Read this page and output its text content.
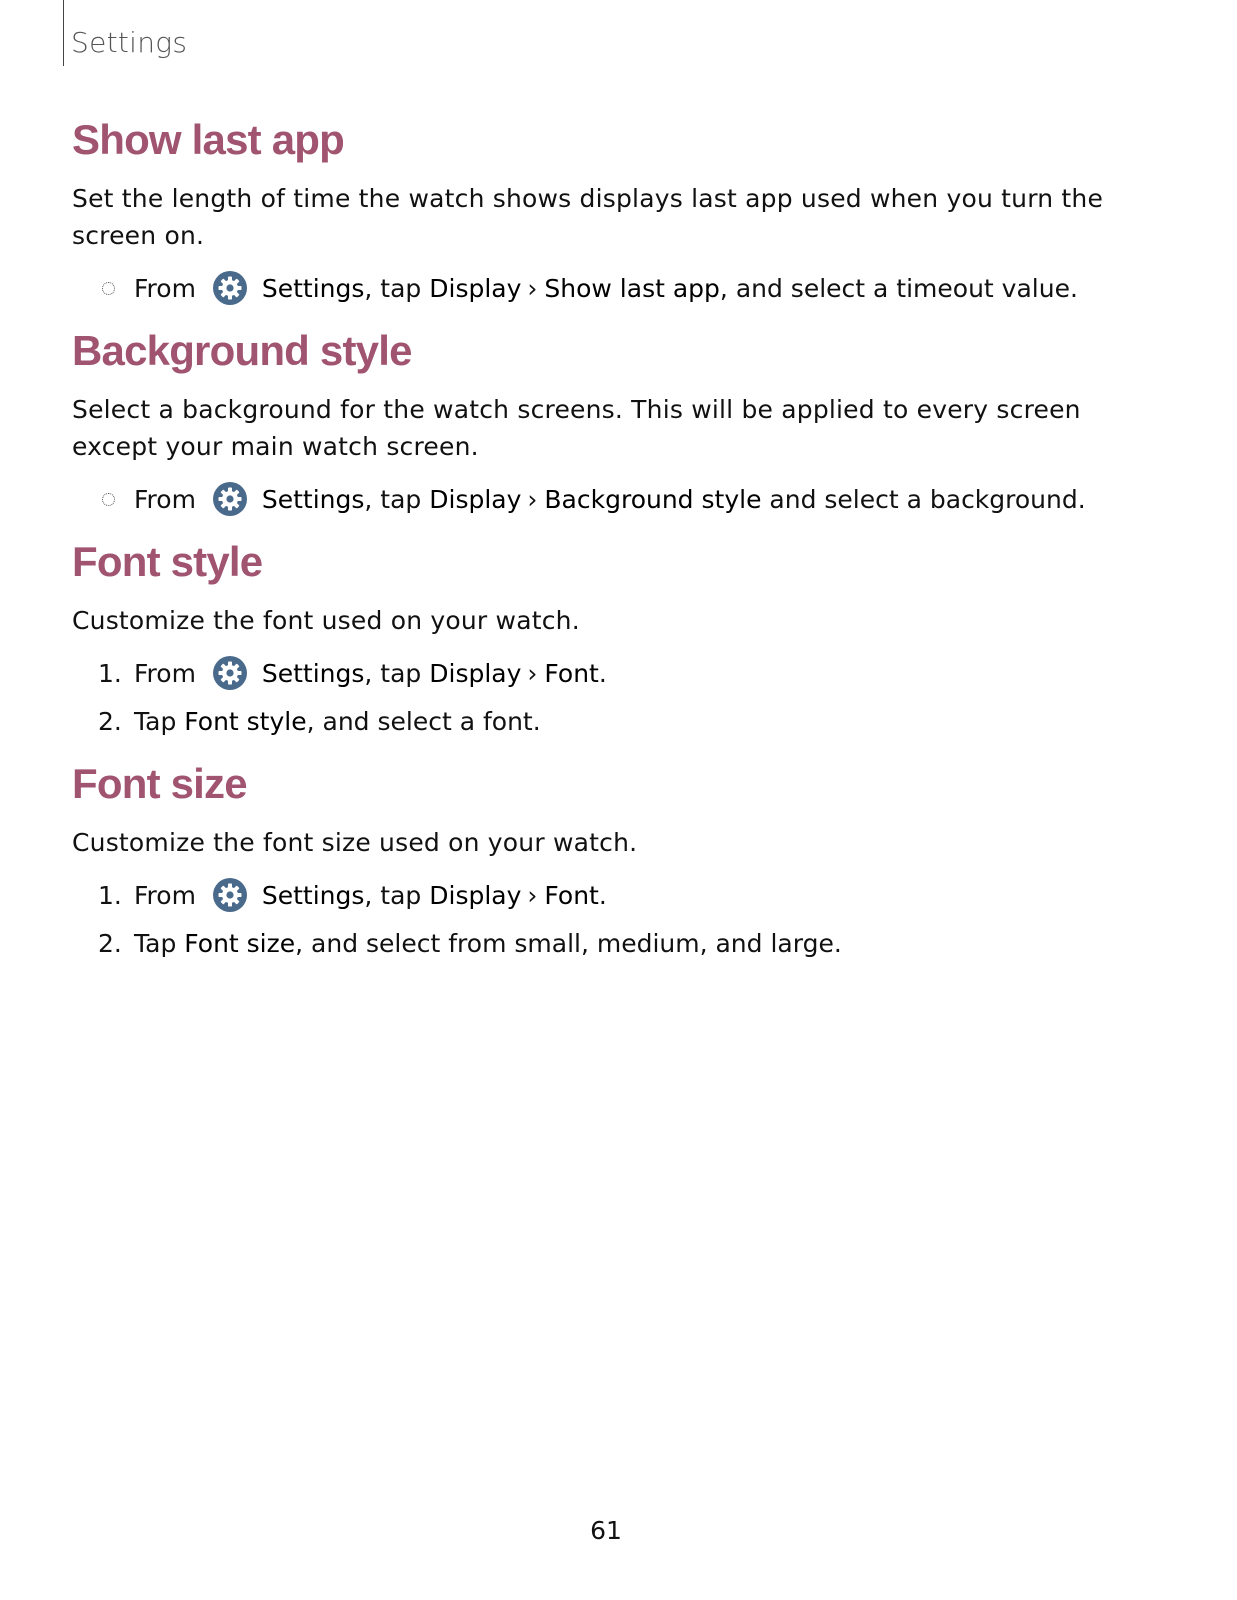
Settings
Show last app

Set the length of time the watch shows displays last app used when you turn the screen on.

From	Settings, tap Display › Show last app, and select a timeout value.
Background style

Select a background for the watch screens. This will be applied to every screen except your main watch screen.

From	Settings, tap Display › Background style and select a background.
Font style

Customize the font used on your watch.

1. From	Settings, tap Display › Font.
2. Tap Font style, and select a font.
Font size

Customize the font size used on your watch.

1. From	Settings, tap Display › Font.
2. Tap Font size, and select from small, medium, and large.
61
